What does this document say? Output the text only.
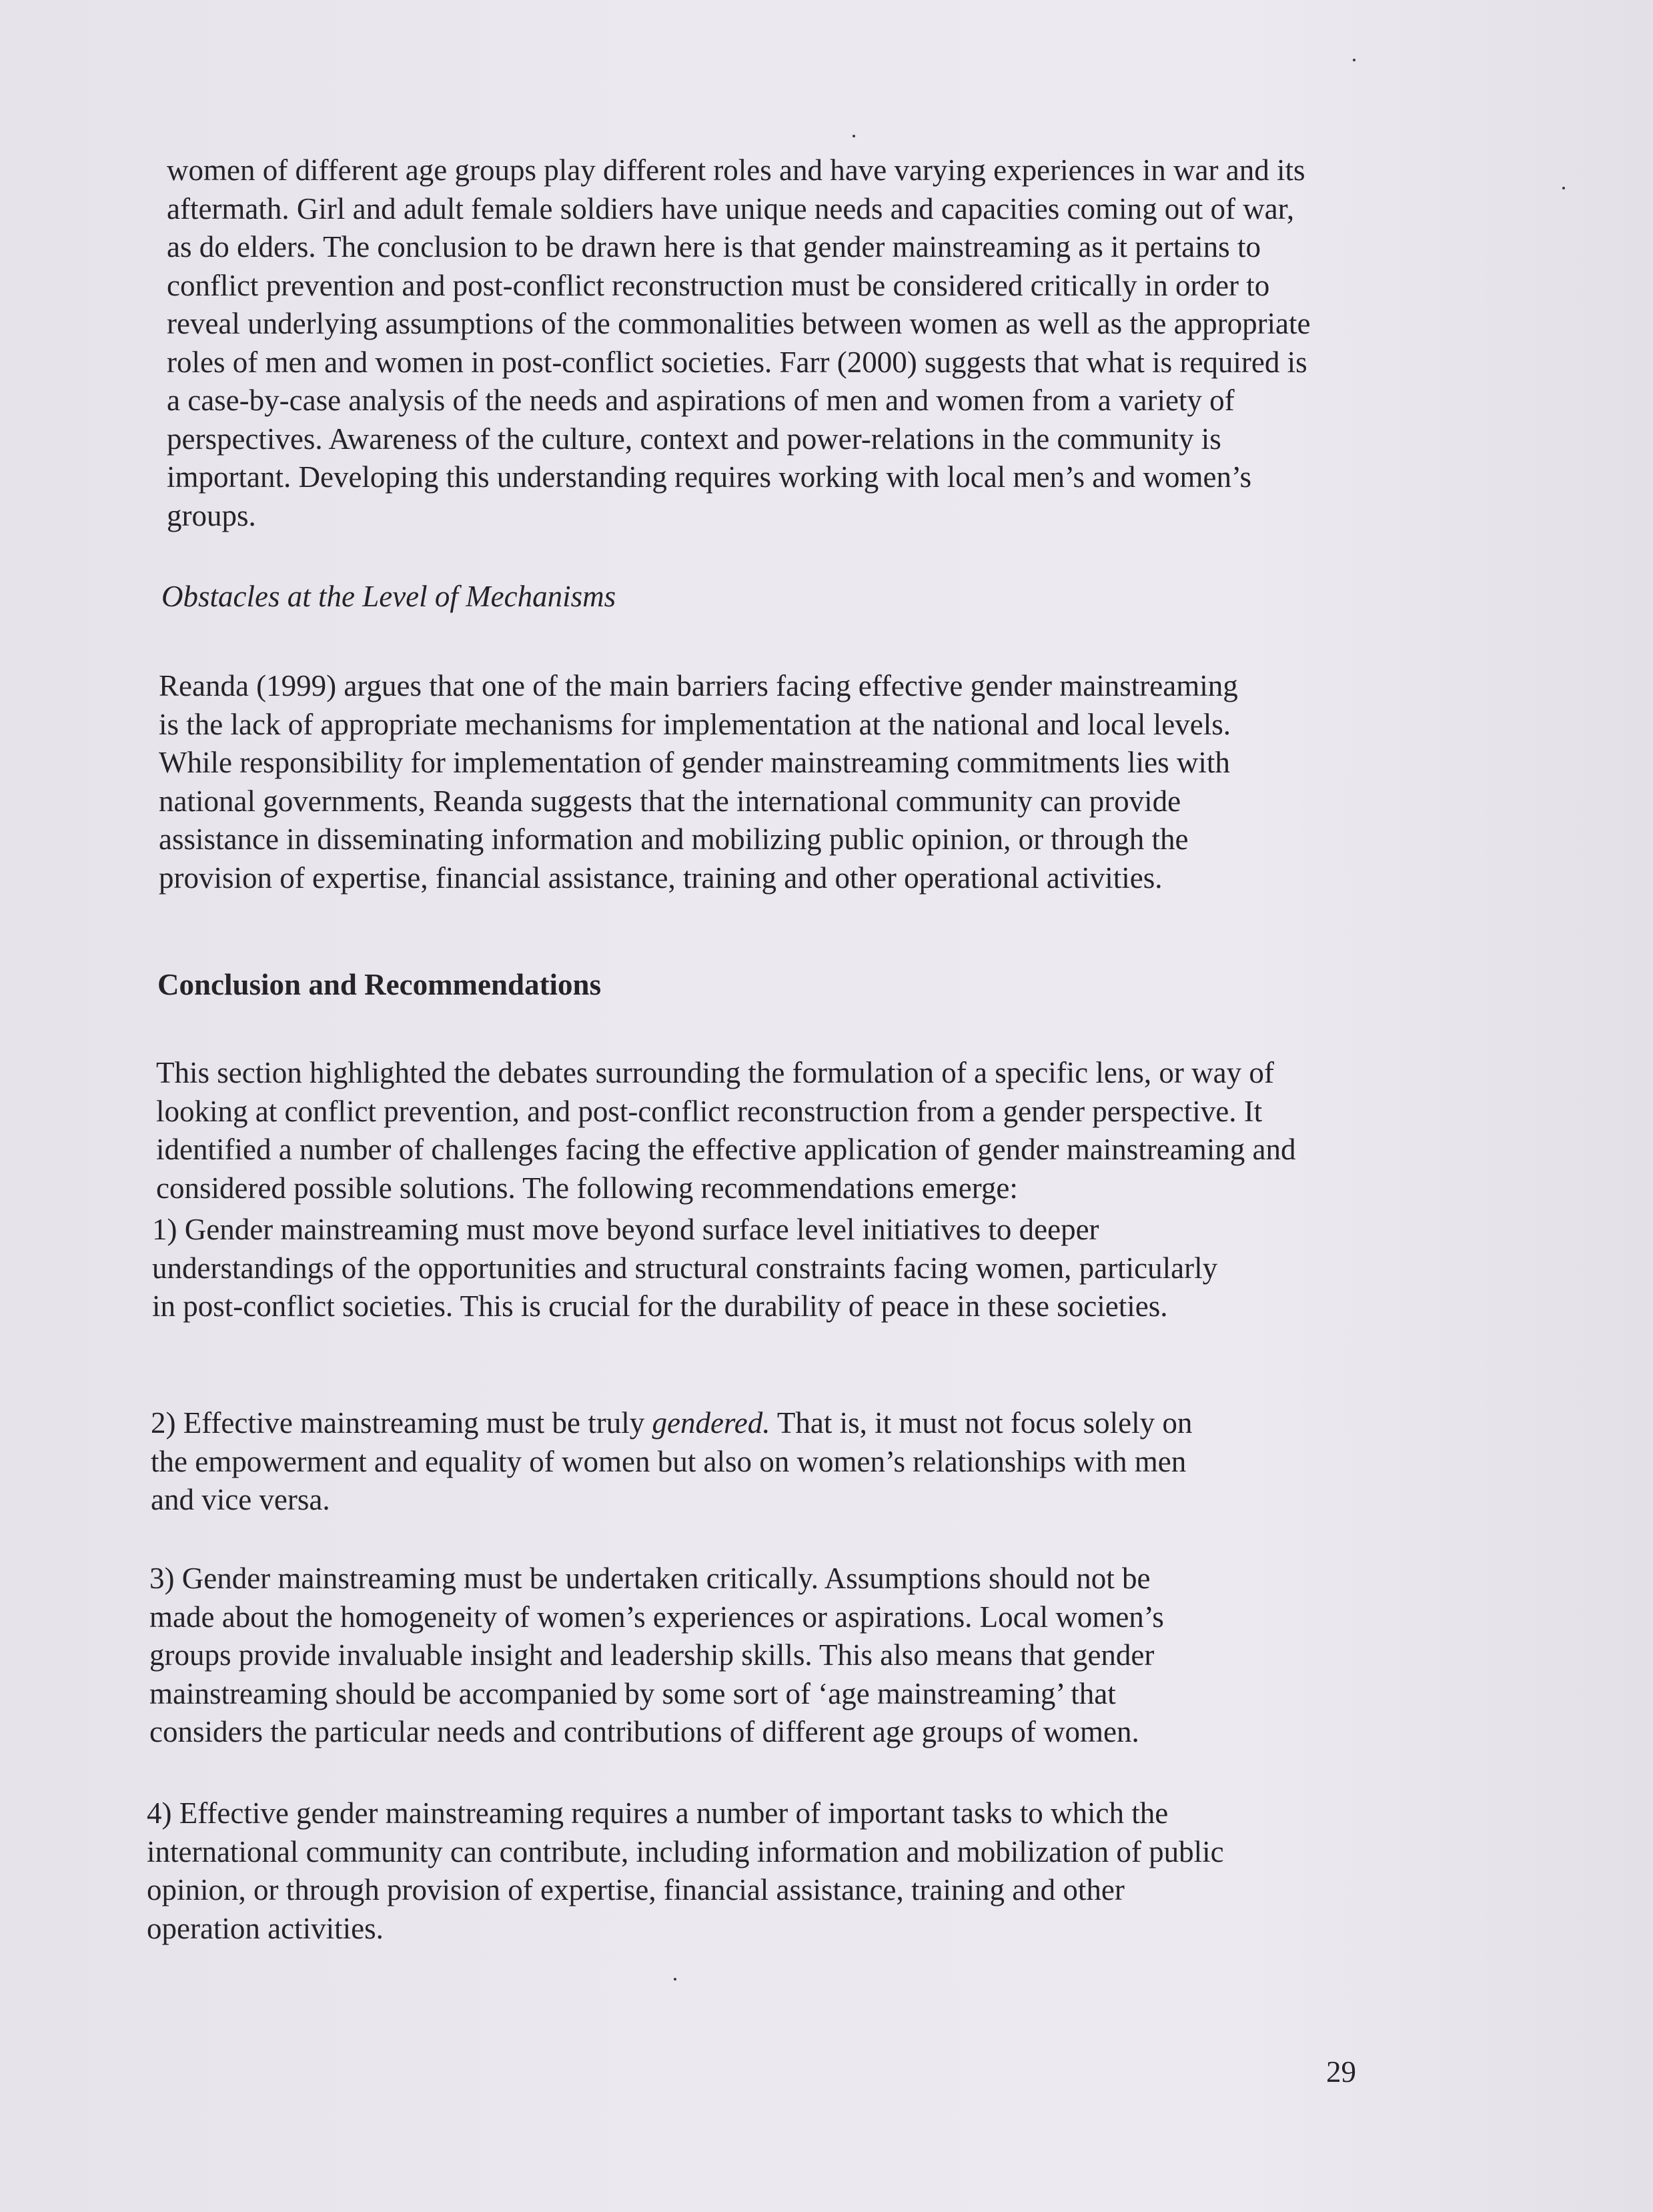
women of different age groups play different roles and have varying experiences in war and its
aftermath. Girl and adult female soldiers have unique needs and capacities coming out of war,
as do elders. The conclusion to be drawn here is that gender mainstreaming as it pertains to
conflict prevention and post-conflict reconstruction must be considered critically in order to
reveal underlying assumptions of the commonalities between women as well as the appropriate
roles of men and women in post-conflict societies. Farr (2000) suggests that what is required is
a case-by-case analysis of the needs and aspirations of men and women from a variety of
perspectives. Awareness of the culture, context and power-relations in the community is
important. Developing this understanding requires working with local men’s and women’s
groups.

Obstacles at the Level of Mechanisms

Reanda (1999) argues that one of the main barriers facing effective gender mainstreaming
is the lack of appropriate mechanisms for implementation at the national and local levels.
While responsibility for implementation of gender mainstreaming commitments lies with
national governments, Reanda suggests that the international community can provide
assistance in disseminating information and mobilizing public opinion, or through the
provision of expertise, financial assistance, training and other operational activities.

Conclusion and Recommendations

This section highlighted the debates surrounding the formulation of a specific lens, or way of
looking at conflict prevention, and post-conflict reconstruction from a gender perspective. It
identified a number of challenges facing the effective application of gender mainstreaming and
considered possible solutions. The following recommendations emerge:

1) Gender mainstreaming must move beyond surface level initiatives to deeper
understandings of the opportunities and structural constraints facing women, particularly
in post-conflict societies. This is crucial for the durability of peace in these societies.

2) Effective mainstreaming must be truly gendered. That is, it must not focus solely on
the empowerment and equality of women but also on women’s relationships with men
and vice versa.

3) Gender mainstreaming must be undertaken critically. Assumptions should not be
made about the homogeneity of women’s experiences or aspirations. Local women’s
groups provide invaluable insight and leadership skills. This also means that gender
mainstreaming should be accompanied by some sort of ‘age mainstreaming’ that
considers the particular needs and contributions of different age groups of women.

4) Effective gender mainstreaming requires a number of important tasks to which the
international community can contribute, including information and mobilization of public
opinion, or through provision of expertise, financial assistance, training and other
operation activities.

29
